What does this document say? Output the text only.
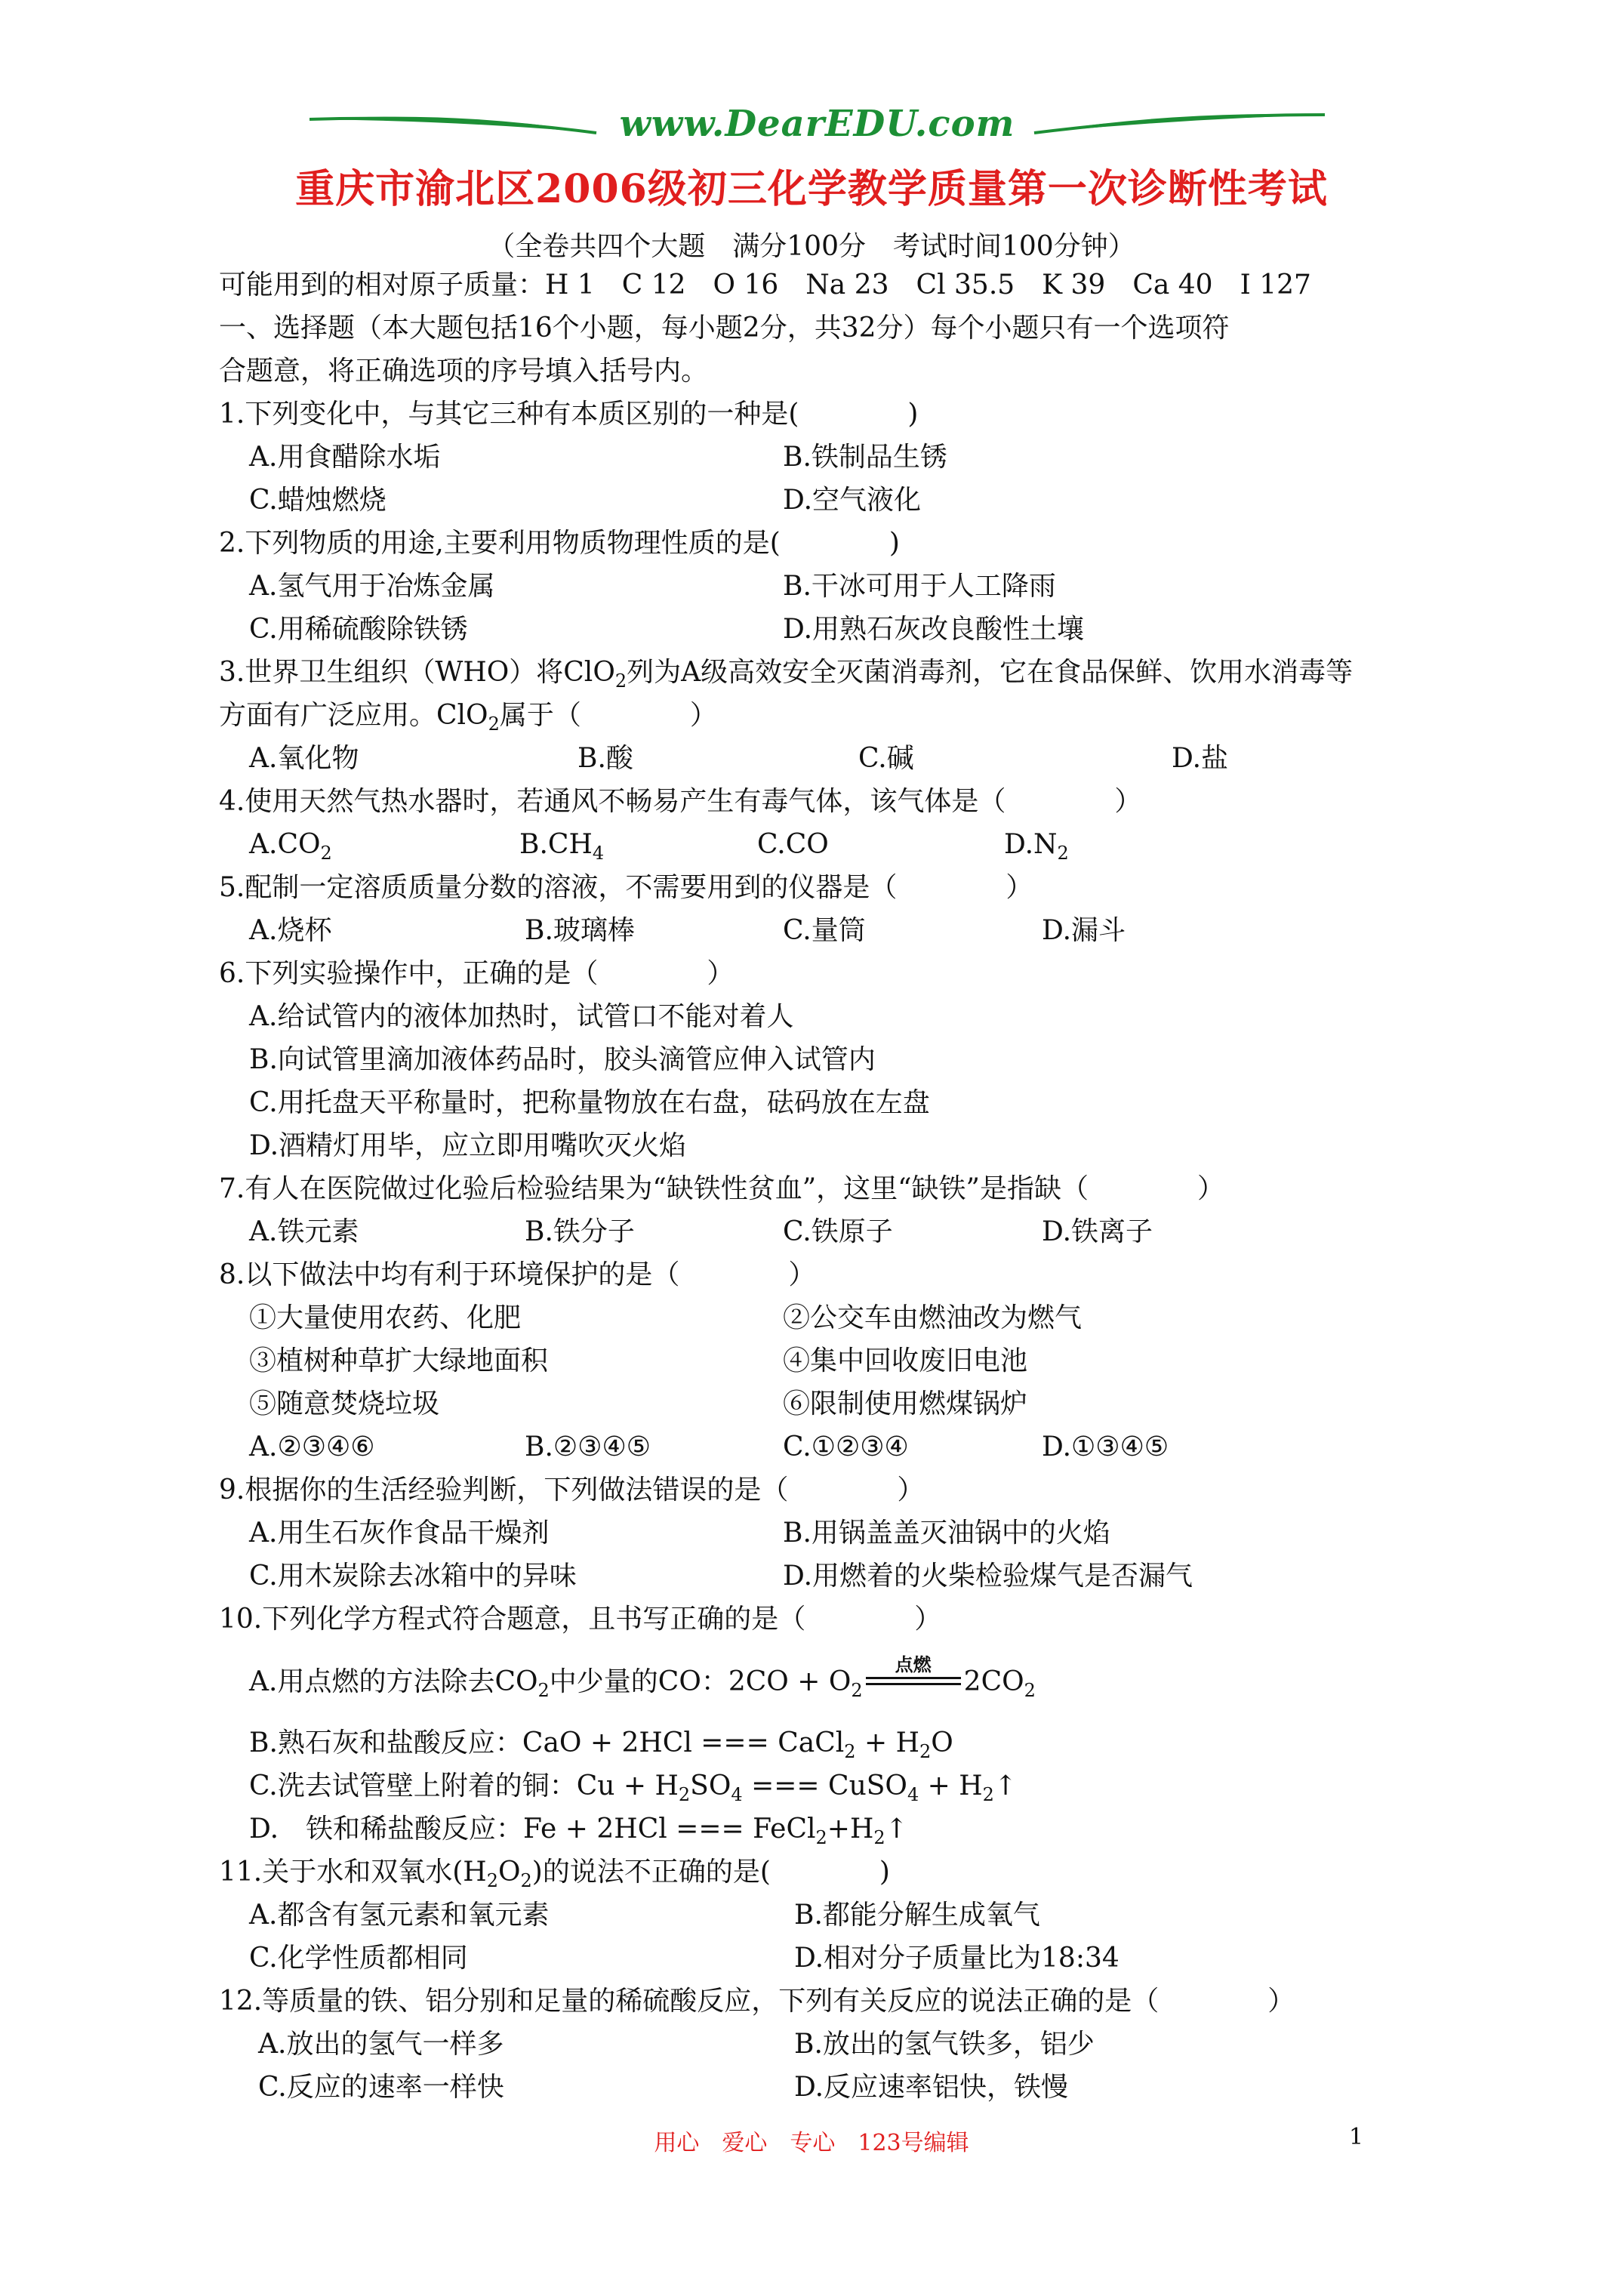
www.DearEDU.com
重庆市渝北区2006级初三化学教学质量第一次诊断性考试
（全卷共四个大题　满分100分　考试时间100分钟）
可能用到的相对原子质量：H 1　C 12　O 16　Na 23　Cl 35.5　K 39　Ca 40　I 127
一、选择题（本大题包括16个小题，每小题2分，共32分）每个小题只有一个选项符
合题意，将正确选项的序号填入括号内。
1.下列变化中，与其它三种有本质区别的一种是(　　　　)
A.用食醋除水垢	B.铁制品生锈
C.蜡烛燃烧	D.空气液化
2.下列物质的用途,主要利用物质物理性质的是(　　　　)
A.氢气用于冶炼金属	B.干冰可用于人工降雨
C.用稀硫酸除铁锈	D.用熟石灰改良酸性土壤
3.世界卫生组织（WHO）将ClO$_2$列为A级高效安全灭菌消毒剂，它在食品保鲜、饮用水消毒等
方面有广泛应用。ClO$_2$属于（　　　　）
A.氧化物	B.酸	C.碱	D.盐
4.使用天然气热水器时，若通风不畅易产生有毒气体，该气体是（　　　　）
$A.CO_2$	$B.CH_4$	C.CO	$D.N_2$
5.配制一定溶质质量分数的溶液，不需要用到的仪器是（　　　　）
A.烧杯	B.玻璃棒	C.量筒	D.漏斗
6.下列实验操作中，正确的是（　　　　）
A.给试管内的液体加热时，试管口不能对着人
B.向试管里滴加液体药品时，胶头滴管应伸入试管内
C.用托盘天平称量时，把称量物放在右盘，砝码放在左盘
D.酒精灯用毕，应立即用嘴吹灭火焰
7.有人在医院做过化验后检验结果为“缺铁性贫血”，这里“缺铁”是指缺（　　　　）
A.铁元素	B.铁分子	C.铁原子	D.铁离子
8.以下做法中均有利于环境保护的是（　　　　）
①大量使用农药、化肥	②公交车由燃油改为燃气
③植树种草扩大绿地面积	④集中回收废旧电池
⑤随意焚烧垃圾	⑥限制使用燃煤锅炉
A.②③④⑥	B.②③④⑤	C.①②③④	D.①③④⑤
9.根据你的生活经验判断，下列做法错误的是（　　　　）
A.用生石灰作食品干燥剂	B.用锅盖盖灭油锅中的火焰
C.用木炭除去冰箱中的异味	D.用燃着的火柴检验煤气是否漏气
10.下列化学方程式符合题意，且书写正确的是（　　　　）
A.用点燃的方法除去$CO_2$中少量的CO：$2CO + O_2$
点燃
$2CO_2$
B.熟石灰和盐酸反应：CaO + 2HCl === CaCl$_2$ + $H_2O$
C.洗去试管壁上附着的铜：$Cu + H_2SO_4$ === CuSO$_4$ + $H_2↑$
D.　铁和稀盐酸反应：Fe + 2HCl === $FeCl_2+H_2↑$
11.关于水和双氧水$(H_2O_2)$的说法不正确的是(　　　　)
A.都含有氢元素和氧元素	B.都能分解生成氧气
C.化学性质都相同	D.相对分子质量比为18:34
12.等质量的铁、铝分别和足量的稀硫酸反应，下列有关反应的说法正确的是（　　　　）
A.放出的氢气一样多	B.放出的氢气铁多，铝少
C.反应的速率一样快	D.反应速率铝快，铁慢
用心　爱心　专心　123号编辑	1
